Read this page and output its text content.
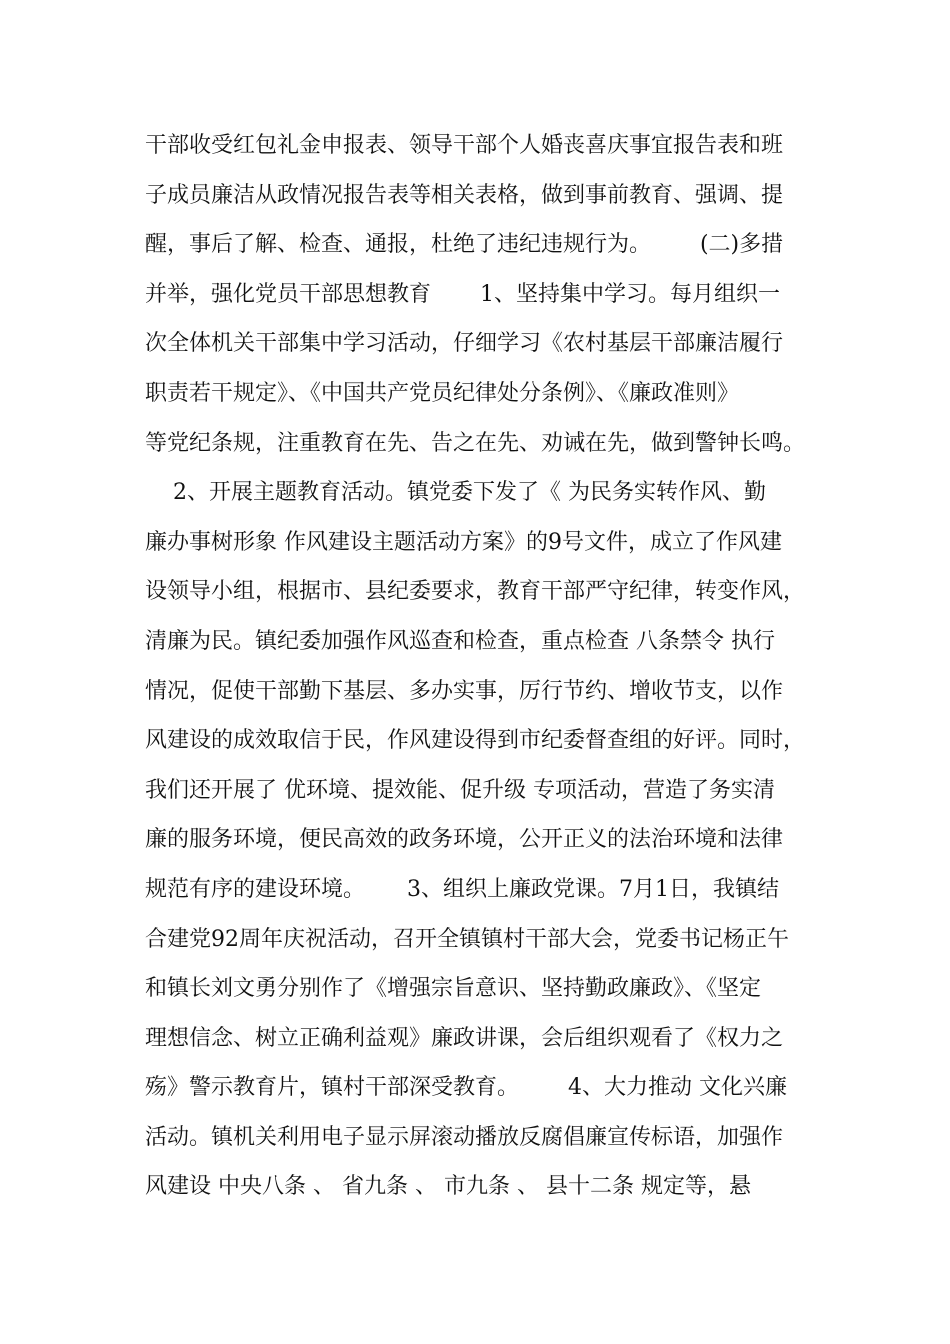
干部收受红包礼金申报表、领导干部个人婚丧喜庆事宜报告表和班
子成员廉洁从政情况报告表等相关表格，做到事前教育、强调、提
醒，事后了解、检查、通报，杜绝了违纪违规行为。       (二)多措
并举，强化党员干部思想教育       1、坚持集中学习。每月组织一
次全体机关干部集中学习活动，仔细学习《农村基层干部廉洁履行
职责若干规定》、《中国共产党员纪律处分条例》、《廉政准则》
等党纪条规，注重教育在先、告之在先、劝诫在先，做到警钟长鸣。
2、开展主题教育活动。镇党委下发了《 为民务实转作风、勤
廉办事树形象 作风建设主题活动方案》的9号文件，成立了作风建
设领导小组，根据市、县纪委要求，教育干部严守纪律，转变作风，
清廉为民。镇纪委加强作风巡查和检查，重点检查 八条禁令 执行
情况，促使干部勤下基层、多办实事，厉行节约、增收节支，以作
风建设的成效取信于民，作风建设得到市纪委督查组的好评。同时，
我们还开展了 优环境、提效能、促升级 专项活动，营造了务实清
廉的服务环境，便民高效的政务环境，公开正义的法治环境和法律
规范有序的建设环境。      3、组织上廉政党课。7月1日，我镇结
合建党92周年庆祝活动，召开全镇镇村干部大会，党委书记杨正午
和镇长刘文勇分别作了《增强宗旨意识、坚持勤政廉政》、《坚定
理想信念、树立正确利益观》廉政讲课，会后组织观看了《权力之
殇》警示教育片，镇村干部深受教育。       4、大力推动 文化兴廉
活动。镇机关利用电子显示屏滚动播放反腐倡廉宣传标语，加强作
风建设 中央八条 、 省九条 、 市九条 、 县十二条 规定等，悬
